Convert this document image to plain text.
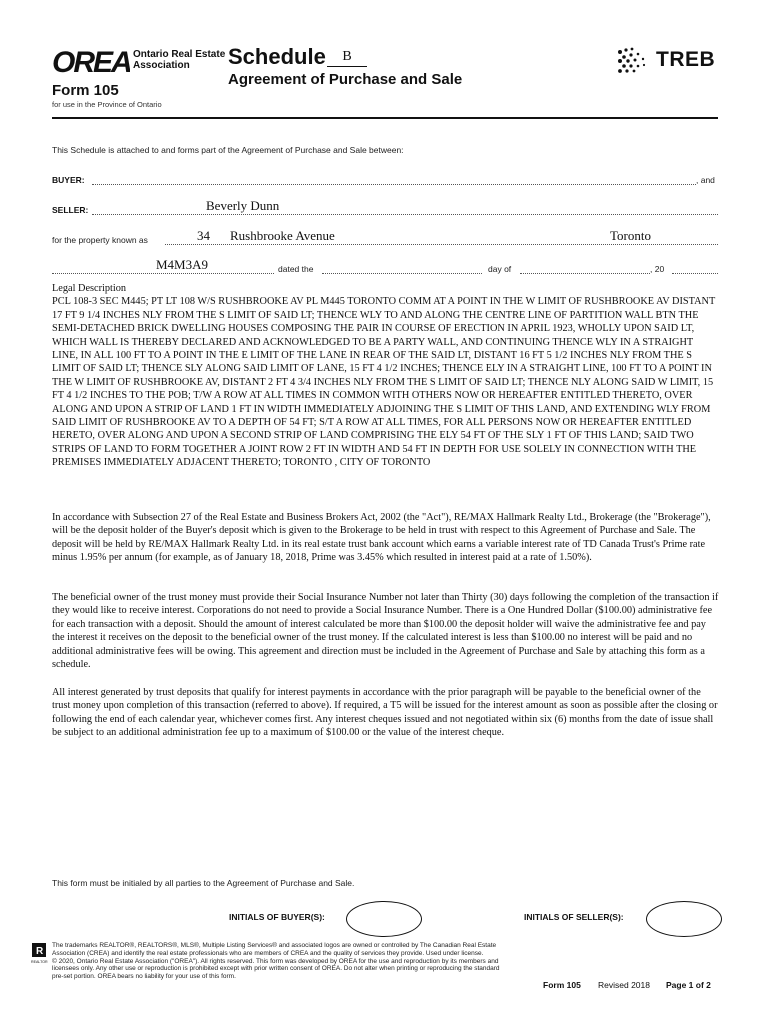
OREA Ontario Real Estate
Association
Form 105
for use in the Province of Ontario
Schedule	B
Agreement of Purchase and Sale
TREB
This Schedule is attached to and forms part of the Agreement of Purchase and Sale between:
BUYER:	, and
SELLER:	Beverly Dunn
for the property known as	34 Rushbrooke Avenue	Toronto
M4M3A9	dated the	day of	, 20

Legal Description

PCL 108-3 SEC M445; PT LT 108 W/S RUSHBROOKE AV PL M445 TORONTO COMM AT A POINT IN THE W LIMIT OF RUSHBROOKE AV DISTANT 17 FT 9 1/4 INCHES NLY FROM THE S LIMIT OF SAID LT; THENCE WLY TO AND ALONG THE CENTRE LINE OF PARTITION WALL BTN THE SEMI-DETACHED BRICK DWELLING HOUSES COMPOSING THE PAIR IN COURSE OF ERECTION IN APRIL 1923, WHOLLY UPON SAID LT, WHICH WALL IS THEREBY DECLARED AND ACKNOWLEDGED TO BE A PARTY WALL, AND CONTINUING THENCE WLY IN A STRAIGHT LINE, IN ALL 100 FT TO A POINT IN THE E LIMIT OF THE LANE IN REAR OF THE SAID LT, DISTANT 16 FT 5 1/2 INCHES NLY FROM THE S LIMIT OF SAID LT; THENCE SLY ALONG SAID LIMIT OF LANE, 15 FT 4 1/2 INCHES; THENCE ELY IN A STRAIGHT LINE, 100 FT TO A POINT IN THE W LIMIT OF RUSHBROOKE AV, DISTANT 2 FT 4 3/4 INCHES NLY FROM THE S LIMIT OF SAID LT; THENCE NLY ALONG SAID W LIMIT, 15 FT 4 1/2 INCHES TO THE POB; T/W A ROW AT ALL TIMES IN COMMON WITH OTHERS NOW OR HEREAFTER ENTITLED THERETO, OVER ALONG AND UPON A STRIP OF LAND 1 FT IN WIDTH IMMEDIATELY ADJOINING THE S LIMIT OF THIS LAND, AND EXTENDING WLY FROM SAID LIMIT OF RUSHBROOKE AV TO A DEPTH OF 54 FT; S/T A ROW AT ALL TIMES, FOR ALL PERSONS NOW OR HEREAFTER ENTITLED HERETO, OVER ALONG AND UPON A SECOND STRIP OF LAND COMPRISING THE ELY 54 FT OF THE SLY 1 FT OF THIS LAND; SAID TWO STRIPS OF LAND TO FORM TOGETHER A JOINT ROW 2 FT IN WIDTH AND 54 FT IN DEPTH FOR USE SOLELY IN CONNECTION WITH THE PREMISES IMMEDIATELY ADJACENT THERETO; TORONTO , CITY OF TORONTO

In accordance with Subsection 27 of the Real Estate and Business Brokers Act, 2002 (the "Act"), RE/MAX Hallmark Realty Ltd., Brokerage (the "Brokerage"), will be the deposit holder of the Buyer's deposit which is given to the Brokerage to be held in trust with respect to this Agreement of Purchase and Sale. The deposit will be held by RE/MAX Hallmark Realty Ltd. in its real estate trust bank account which earns a variable interest rate of TD Canada Trust's Prime rate minus 1.95% per annum (for example, as of January 18, 2018, Prime was 3.45% which resulted in interest paid at a rate of 1.50%).
The beneficial owner of the trust money must provide their Social Insurance Number not later than Thirty (30) days following the completion of the transaction if they would like to receive interest. Corporations do not need to provide a Social Insurance Number. There is a One Hundred Dollar ($100.00) administrative fee for each transaction with a deposit. Should the amount of interest calculated be more than $100.00 the deposit holder will waive the administrative fee and pay the interest it receives on the deposit to the beneficial owner of the trust money. If the calculated interest is less than $100.00 no interest will be paid and no additional administrative fees will be owing. This agreement and direction must be included in the Agreement of Purchase and Sale by attaching this form as a schedule.
All interest generated by trust deposits that qualify for interest payments in accordance with the prior paragraph will be payable to the beneficial owner of the trust money upon completion of this transaction (referred to above). If required, a T5 will be issued for the interest amount as soon as possible after the closing or following the end of each calendar year, whichever comes first. Any interest cheques issued and not negotiated within six (6) months from the date of issue shall be subject to an additional administration fee up to a maximum of $100.00 or the value of the interest cheque.
This form must be initialed by all parties to the Agreement of Purchase and Sale.
INITIALS OF BUYER(S):	INITIALS OF SELLER(S):
R
REALTOR
The trademarks REALTOR®, REALTORS®, MLS®, Multiple Listing Services® and associated logos are owned or controlled by The Canadian Real Estate Association (CREA) and identify the real estate professionals who are members of CREA and the quality of services they provide. Used under license.
© 2020, Ontario Real Estate Association ("OREA"). All rights reserved. This form was developed by OREA for the use and reproduction by its members and licensees only. Any other use or reproduction is prohibited except with prior written consent of OREA. Do not alter when printing or reproducing the standard pre-set portion. OREA bears no liability for your use of this form.
Form 105 Revised 2018 Page 1 of 2
